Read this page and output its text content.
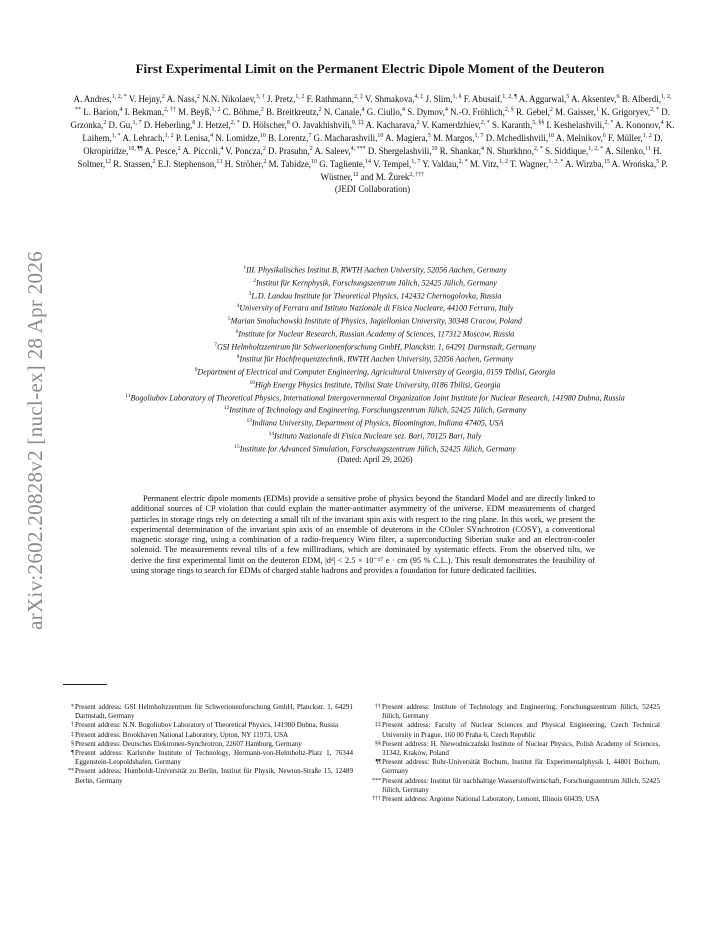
arXiv:2602.20828v2 [nucl-ex] 28 Apr 2026
First Experimental Limit on the Permanent Electric Dipole Moment of the Deuteron
A. Andres,$^{1, 2, *}$ V. Hejny,$^2$ A. Nass,$^2$ N.N. Nikolaev,$^{3, \dagger}$ J. Pretz,$^{1, 2}$ F. Rathmann,$^{2, \ddagger}$ V. Shmakova,$^{4, \ddagger}$ J. Slim,$^{1, \S}$ F. Abusaif,$^{1, 2, \P}$ A. Aggarwal,$^5$ A. Aksentev,$^6$ B. Alberdi,$^{1, 2, **}$ L. Barion,$^4$ I. Bekman,$^{2, \dagger\dagger}$ M. Beyß,$^{1, 2}$ C. Böhme,$^2$ B. Breitkreutz,$^2$ N. Canale,$^4$ G. Ciullo,$^4$ S. Dymov,$^4$ N.-O. Fröhlich,$^{2, \S}$ R. Gebel,$^2$ M. Gaisser,$^1$ K. Grigoryev,$^{2, *}$ D. Grzonka,$^2$ D. Gu,$^{1, 7}$ D. Heberling,$^8$ J. Hetzel,$^{2, *}$ D. Hölscher,$^8$ O. Javakhishvili,$^{9, \ddagger\ddagger}$ A. Kacharava,$^2$ V. Kamerdzhiev,$^{2, *}$ S. Karanth,$^{5, \S\S}$ I. Keshelashvili,$^{2, *}$ A. Kononov,$^4$ K. Laihem,$^{1, *}$ A. Lehrach,$^{1, 2}$ P. Lenisa,$^4$ N. Lomidze,$^{10}$ B. Lorentz,$^7$ G. Macharashvili,$^{10}$ A. Magiera,$^5$ M. Margos,$^{1, 7}$ D. Mchedlishvili,$^{10}$ A. Melnikov,$^6$ F. Müller,$^{1, 2}$ D. Okropiridze,$^{10, \P\P}$ A. Pesce,$^2$ A. Piccoli,$^4$ V. Poncza,$^2$ D. Prasuhn,$^2$ A. Saleev,$^{4, ***}$ D. Shergelashvili,$^{10}$ R. Shankar,$^4$ N. Shurkhno,$^{2, *}$ S. Siddique,$^{1, 2, *}$ A. Silenko,$^{11}$ H. Soltner,$^{12}$ R. Stassen,$^2$ E.J. Stephenson,$^{13}$ H. Ströher,$^2$ M. Tabidze,$^{10}$ G. Tagliente,$^{14}$ V. Tempel,$^{1, 7}$ Y. Valdau,$^{2, *}$ M. Vitz,$^{1, 2}$ T. Wagner,$^{1, 2, *}$ A. Wirzba,$^{15}$ A. Wrońska,$^5$ P. Wüstner,$^{12}$ and M. Żurek$^{2, \dagger\dagger\dagger}$
(JEDI Collaboration)
$^1$III. Physikalisches Institut B, RWTH Aachen University, 52056 Aachen, Germany
$^2$Institut für Kernphysik, Forschungszentrum Jülich, 52425 Jülich, Germany
$^3$L.D. Landau Institute for Theoretical Physics, 142432 Chernogolovka, Russia
$^4$University of Ferrara and Istituto Nazionale di Fisica Nucleare, 44100 Ferrara, Italy
$^5$Marian Smoluchowski Institute of Physics, Jagiellonian University, 30348 Cracow, Poland
$^6$Institute for Nuclear Research, Russian Academy of Sciences, 117312 Moscow, Russia
$^7$GSI Helmholtzzentrum für Schwerionenforschung GmbH, Planckstr. 1, 64291 Darmstadt, Germany
$^8$Institut für Hochfrequenztechnik, RWTH Aachen University, 52056 Aachen, Germany
$^9$Department of Electrical and Computer Engineering, Agricultural University of Georgia, 0159 Tbilisi, Georgia
$^{10}$High Energy Physics Institute, Tbilisi State University, 0186 Tbilisi, Georgia
$^{11}$Bogoliubov Laboratory of Theoretical Physics, International Intergovernmental Organization Joint Institute for Nuclear Research, 141980 Dubna, Russia
$^{12}$Institute of Technology and Engineering, Forschungszentrum Jülich, 52425 Jülich, Germany
$^{13}$Indiana University, Department of Physics, Bloomington, Indiana 47405, USA
$^{14}$Istituto Nazionale di Fisica Nucleare sez. Bari, 70125 Bari, Italy
$^{15}$Institute for Advanced Simulation, Forschungszentrum Jülich, 52425 Jülich, Germany
(Dated: April 29, 2026)
Permanent electric dipole moments (EDMs) provide a sensitive probe of physics beyond the Standard Model and are directly linked to additional sources of CP violation that could explain the matter-antimatter asymmetry of the universe. EDM measurements of charged particles in storage rings rely on detecting a small tilt of the invariant spin axis with respect to the ring plane. In this work, we present the experimental determination of the invariant spin axis of an ensemble of deuterons in the COoler SYnchrotron (COSY), a conventional magnetic storage ring, using a combination of a radio-frequency Wien filter, a superconducting Siberian snake and an electron-cooler solenoid. The measurements reveal tilts of a few milliradians, which are dominated by systematic effects. From the observed tilts, we derive the first experimental limit on the deuteron EDM, |dᵈ| < 2.5 × 10⁻¹⁷ e · cm (95 % C.L.). This result demonstrates the feasibility of using storage rings to search for EDMs of charged stable hadrons and provides a foundation for future dedicated facilities.
* Present address: GSI Helmholtzzentrum für Schwerionenforschung GmbH, Planckstr. 1, 64291 Darmstadt, Germany
† Present address: N.N. Bogoliubov Laboratory of Theoretical Physics, 141980 Dubna, Russia
‡ Present address: Brookhaven National Laboratory, Upton, NY 11973, USA
§ Present address: Deutsches Elektronen-Synchrotron, 22607 Hamburg, Germany
¶ Present address: Karlsruhe Institute of Technology, Hermann-von-Helmholtz-Platz 1, 76344 Eggenstein-Leopoldshafen, Germany
** Present address: Humboldt-Universität zu Berlin, Institut für Physik, Newton-Straße 15, 12489 Berlin, Germany
†† Present address: Institute of Technology and Engineering, Forschungszentrum Jülich, 52425 Jülich, Germany
‡‡ Present address: Faculty of Nuclear Sciences and Physical Engineering, Czech Technical University in Prague, 160 00 Praha 6, Czech Republic
§§ Present address: H. Niewodniczański Institute of Nuclear Physics, Polish Academy of Sciences, 31342, Kraków, Poland
¶¶ Present address: Ruhr-Universität Bochum, Institut für Experimentalphysik I, 44801 Bochum, Germany
*** Present address: Institut für nachhaltige Wasserstoffwirtschaft, Forschungszentrum Jülich, 52425 Jülich, Germany
††† Present address: Argonne National Laboratory, Lemont, Illinois 60439, USA
